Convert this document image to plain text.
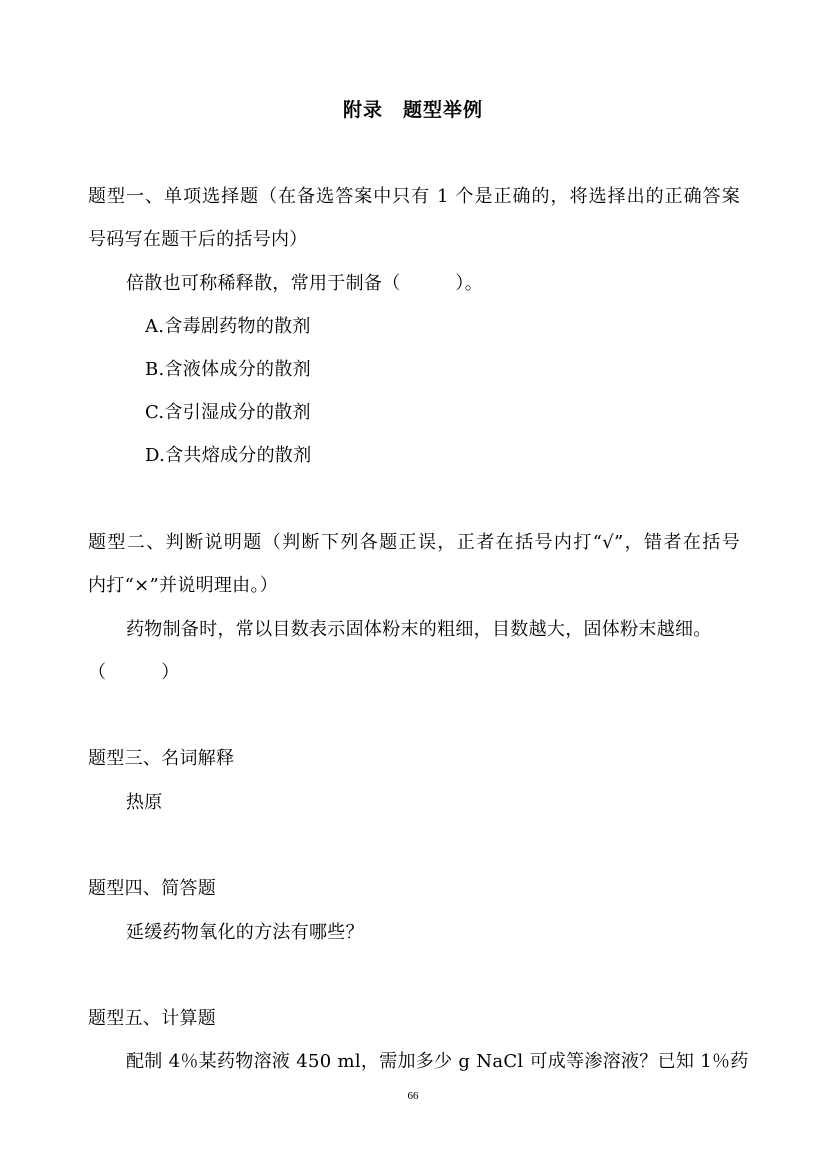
附录 题型举例
题型一、单项选择题（在备选答案中只有 1 个是正确的，将选择出的正确答案
号码写在题干后的括号内）
倍散也可称稀释散，常用于制备（　　　）。
A.含毒剧药物的散剂
B.含液体成分的散剂
C.含引湿成分的散剂
D.含共熔成分的散剂
题型二、判断说明题（判断下列各题正误，正者在括号内打“√”，错者在括号
内打“×”并说明理由。）
药物制备时，常以目数表示固体粉末的粗细，目数越大，固体粉末越细。
（　　　）
题型三、名词解释
热原
题型四、简答题
延缓药物氧化的方法有哪些？
题型五、计算题
配制 4％某药物溶液 450 ml，需加多少 g NaCl 可成等渗溶液？已知 1％药
66
